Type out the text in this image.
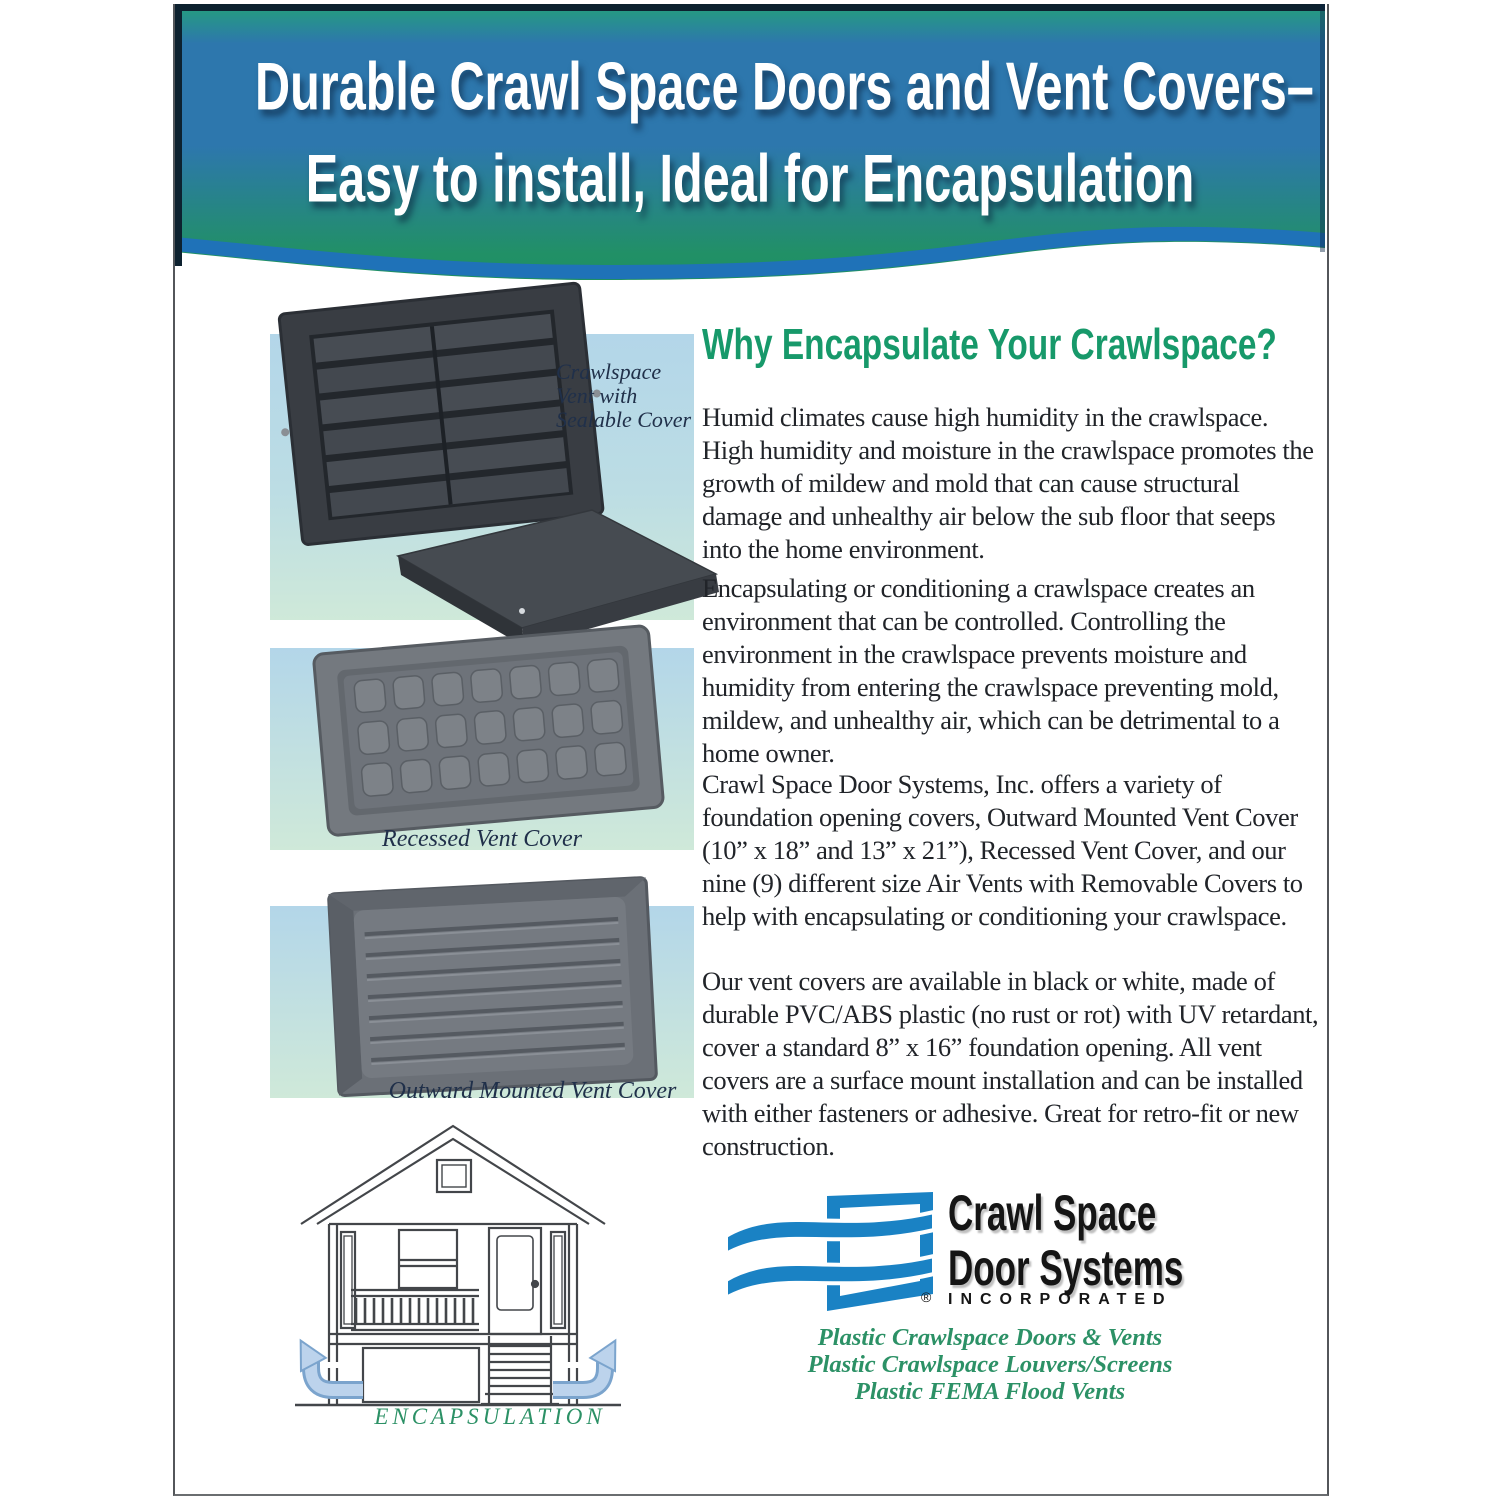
Durable Crawl Space Doors and Vent Covers–
Easy to install, Ideal for Encapsulation
Crawlspace
Vent with
Sealable Cover
Recessed Vent Cover
Outward Mounted Vent Cover
ENCAPSULATION
Why Encapsulate Your Crawlspace?

Humid climates cause high humidity in the crawlspace. High humidity and moisture in the crawlspace promotes the growth of mildew and mold that can cause structural damage and unhealthy air below the sub floor that seeps into the home environment.

Encapsulating or conditioning a crawlspace creates an environment that can be controlled. Controlling the environment in the crawlspace prevents moisture and humidity from entering the crawlspace preventing mold, mildew, and unhealthy air, which can be detrimental to a home owner.

Crawl Space Door Systems, Inc. offers a variety of foundation opening covers, Outward Mounted Vent Cover (10” x 18” and 13” x 21”), Recessed Vent Cover, and our nine (9) different size Air Vents with Removable Covers to help with encapsulating or conditioning your crawlspace.

Our vent covers are available in black or white, made of durable PVC/ABS plastic (no rust or rot) with UV retardant, cover a standard 8” x 16” foundation opening. All vent covers are a surface mount installation and can be installed with either fasteners or adhesive. Great for retro-fit or new construction.

Crawl Space
Door Systems
® INCORPORATED
Plastic Crawlspace Doors & Vents
Plastic Crawlspace Louvers/Screens
Plastic FEMA Flood Vents
